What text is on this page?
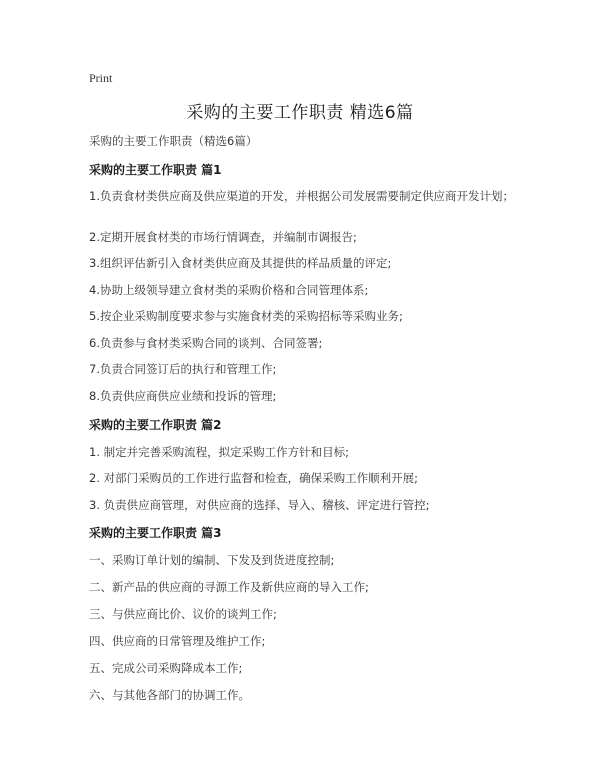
Print
采购的主要工作职责 精选6篇
采购的主要工作职责（精选6篇）
采购的主要工作职责 篇1
1.负责食材类供应商及供应渠道的开发，并根据公司发展需要制定供应商开发计划；
2.定期开展食材类的市场行情调查，并编制市调报告;
3.组织评估新引入食材类供应商及其提供的样品质量的评定;
4.协助上级领导建立食材类的采购价格和合同管理体系;
5.按企业采购制度要求参与实施食材类的采购招标等采购业务;
6.负责参与食材类采购合同的谈判、合同签署;
7.负责合同签订后的执行和管理工作;
8.负责供应商供应业绩和投诉的管理;
采购的主要工作职责 篇2
1. 制定并完善采购流程，拟定采购工作方针和目标;
2. 对部门采购员的工作进行监督和检查，确保采购工作顺利开展;
3. 负责供应商管理，对供应商的选择、导入、稽核、评定进行管控;
采购的主要工作职责 篇3
一、采购订单计划的编制、下发及到货进度控制;
二、新产品的供应商的寻源工作及新供应商的导入工作;
三、与供应商比价、议价的谈判工作;
四、供应商的日常管理及维护工作;
五、完成公司采购降成本工作;
六、与其他各部门的协调工作。
